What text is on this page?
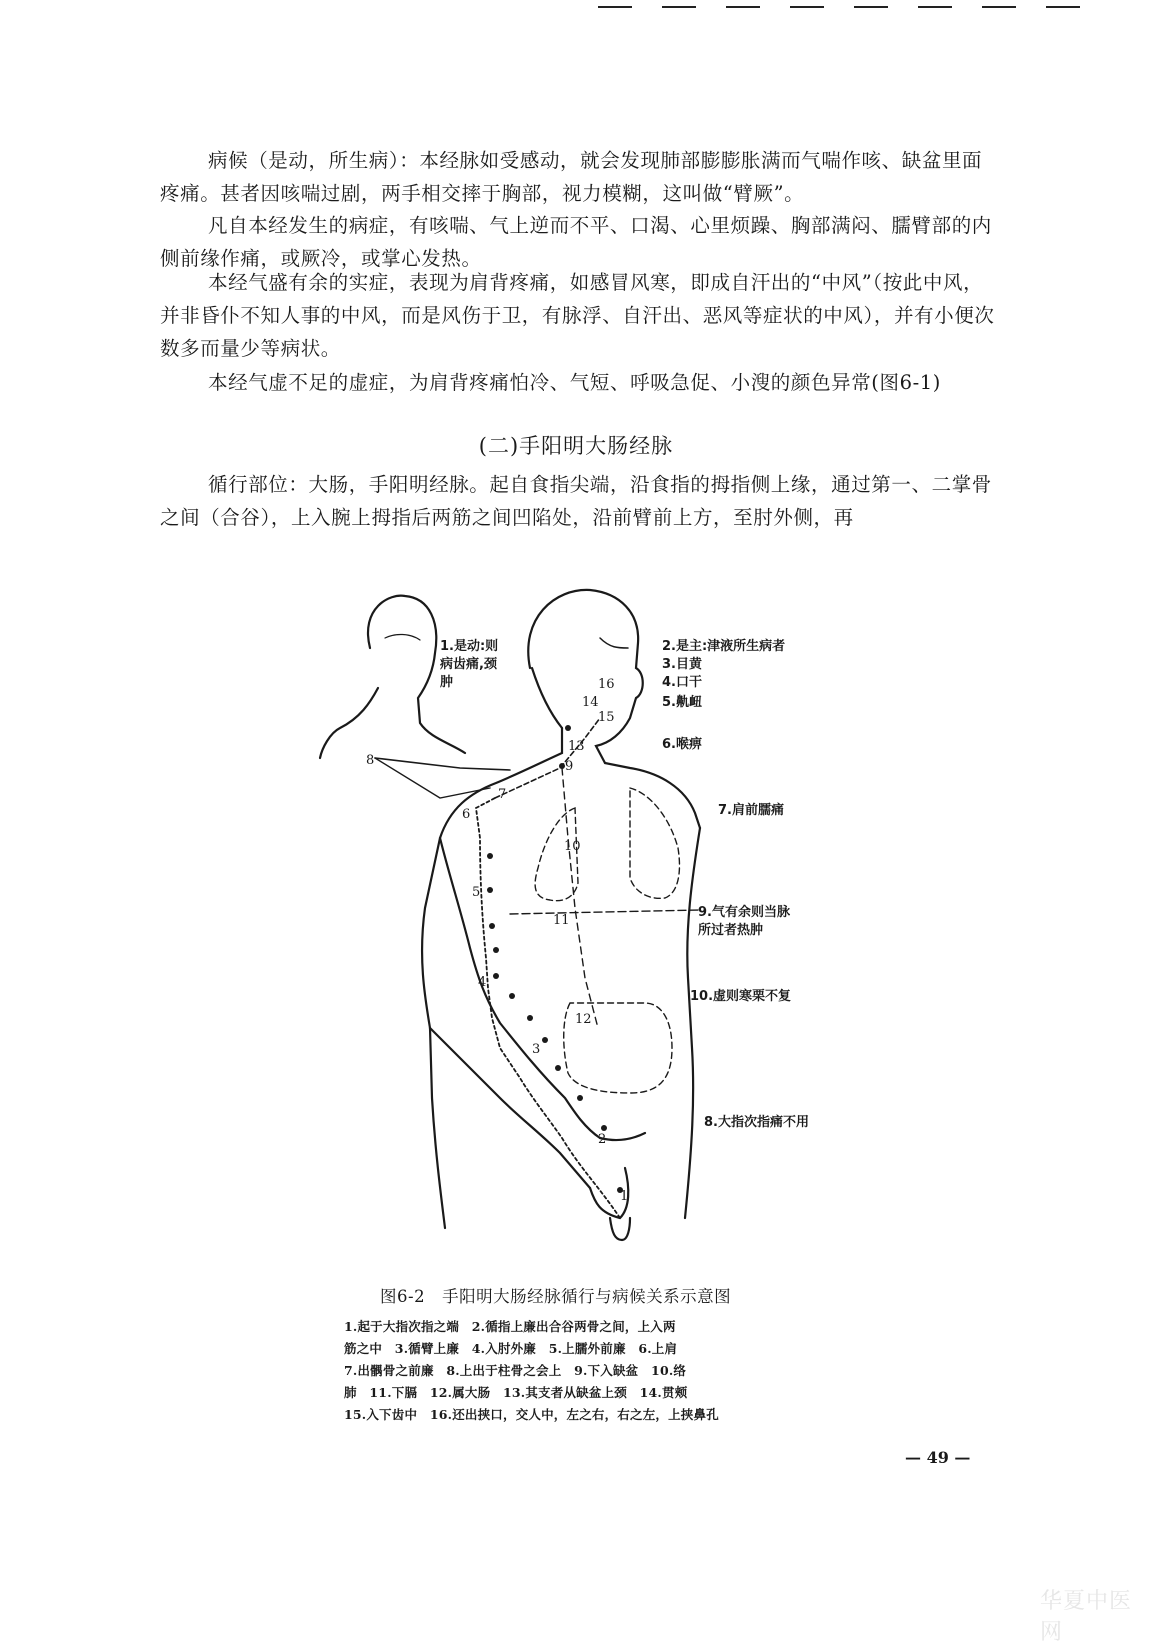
病候（是动，所生病）：本经脉如受感动，就会发现肺部膨膨胀满而气喘作咳、缺盆里面疼痛。甚者因咳喘过剧，两手相交摔于胸部，视力模糊，这叫做“臂厥”。

凡自本经发生的病症，有咳喘、气上逆而不平、口渴、心里烦躁、胸部满闷、臑臂部的内侧前缘作痛，或厥冷，或掌心发热。

本经气盛有余的实症，表现为肩背疼痛，如感冒风寒，即成自汗出的“中风”（按此中风，并非昏仆不知人事的中风，而是风伤于卫，有脉浮、自汗出、恶风等症状的中风），并有小便次数多而量少等病状。

本经气虚不足的虚症，为肩背疼痛怕冷、气短、呼吸急促、小溲的颜色异常(图6-1)

(二)手阳明大肠经脉

循行部位：大肠，手阳明经脉。起自食指尖端，沿食指的拇指侧上缘，通过第一、二掌骨之间（合谷），上入腕上拇指后两筋之间凹陷处，沿前臂前上方，至肘外侧，再

1
2
3
4
5
6
7
8	9
10
11
12
13
14
15
16
1.是动:则
病齿痛,颈
肿
2.是主:津液所生病者
3.目黄
4.口干
5.鼽衄
6.喉痹
7.肩前臑痛
9.气有余则当脉
所过者热肿
10.虚则寒栗不复
8.大指次指痛不用
图6-2　手阳明大肠经脉循行与病候关系示意图
1.起于大指次指之端　2.循指上廉出合谷两骨之间，上入两
筋之中　3.循臂上廉　4.入肘外廉　5.上臑外前廉　6.上肩
7.出髃骨之前廉　8.上出于柱骨之会上　9.下入缺盆　10.络
肺　11.下膈　12.属大肠　13.其支者从缺盆上颈　14.贯颊
15.入下齿中　16.还出挟口，交人中，左之右，右之左，上挟鼻孔
— 49 —
华夏中医网
